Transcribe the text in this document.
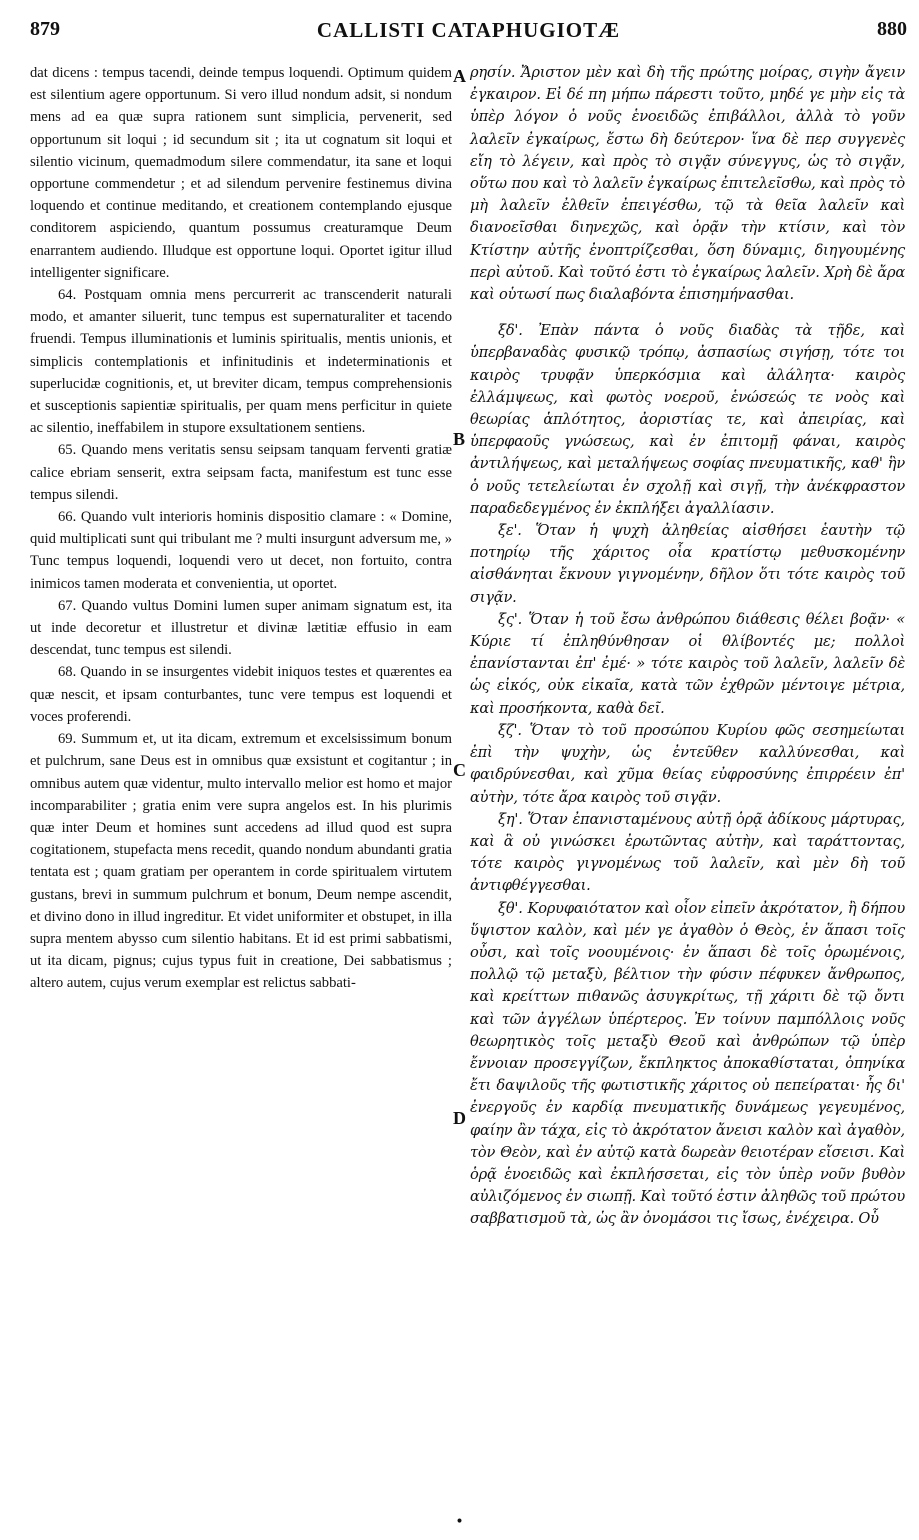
879	CALLISTI CATAPHUGIOTÆ	880
A
B
C
D

dat dicens : tempus tacendi, deinde tempus loquendi. Optimum quidem est silentium agere opportunum. Si vero illud nondum adsit, si nondum mens ad ea quæ supra rationem sunt simplicia, pervenerit, sed opportunum sit loqui ; id secundum sit ; ita ut cognatum sit loqui et silentio vicinum, quemadmodum silere commendatur, ita sane et loqui opportune commendetur ; et ad silendum pervenire festinemus divina loquendo et continue meditando, et creationem contemplando ejusque conditorem aspiciendo, quantum possumus creaturamque Deum enarrantem audiendo. Illudque est opportune loqui. Oportet igitur illud intelligenter significare.

64. Postquam omnia mens percurrerit ac transcenderit naturali modo, et amanter siluerit, tunc tempus est supernaturaliter et tacendo fruendi. Tempus illuminationis et luminis spiritualis, mentis unionis, et simplicis contemplationis et infinitudinis et indeterminationis et superlucidæ cognitionis, et, ut breviter dicam, tempus comprehensionis et susceptionis sapientiæ spiritualis, per quam mens perficitur in quiete ac silentio, ineffabilem in stupore exsultationem sentiens.

65. Quando mens veritatis sensu seipsam tanquam ferventi gratiæ calice ebriam senserit, extra seipsam facta, manifestum est tunc esse tempus silendi.

66. Quando vult interioris hominis dispositio clamare : « Domine, quid multiplicati sunt qui tribulant me ? multi insurgunt adversum me, » Tunc tempus loquendi, loquendi vero ut decet, non fortuito, contra inimicos tamen moderata et convenientia, ut oportet.

67. Quando vultus Domini lumen super animam signatum est, ita ut inde decoretur et illustretur et divinæ lætitiæ effusio in eam descendat, tunc tempus est silendi.

68. Quando in se insurgentes videbit iniquos testes et quærentes ea quæ nescit, et ipsam conturbantes, tunc vere tempus est loquendi et voces proferendi.

69. Summum et, ut ita dicam, extremum et excelsissimum bonum et pulchrum, sane Deus est in omnibus quæ exsistunt et cogitantur ; in omnibus autem quæ videntur, multo intervallo melior est homo et major incomparabiliter ; gratia enim vere supra angelos est. In his plurimis quæ inter Deum et homines sunt accedens ad illud quod est supra cogitationem, stupefacta mens recedit, quando nondum abundanti gratia tentata est ; quam gratiam per operantem in corde spiritualem virtutem gustans, brevi in summum pulchrum et bonum, Deum nempe ascendit, et divino dono in illud ingreditur. Et videt uniformiter et obstupet, in illa supra mentem abysso cum silentio habitans. Et id est primi sabbatismi, ut ita dicam, pignus; cujus typus fuit in creatione, Dei sabbatismus ; altero autem, cujus verum exemplar est relictus sabbati-

ρησίν. Ἄριστον μὲν καὶ δὴ τῆς πρώτης μοίρας, σιγὴν ἄγειν ἐγκαιρον. Εἰ δέ πη μήπω πάρεστι τοῦτο, μηδέ γε μὴν εἰς τὰ ὑπὲρ λόγον ὁ νοῦς ἑνοειδῶς ἐπιβάλλοι, ἀλλὰ τὸ γοῦν λαλεῖν ἐγκαίρως, ἔστω δὴ δεύτερον· ἵνα δὲ περ συγγενὲς εἴη τὸ λέγειν, καὶ πρὸς τὸ σιγᾷν σύνεγγυς, ὡς τὸ σιγᾷν, οὕτω που καὶ τὸ λαλεῖν ἐγκαίρως ἐπιτελεῖσθω, καὶ πρὸς τὸ μὴ λαλεῖν ἐλθεῖν ἐπειγέσθω, τῷ τὰ θεῖα λαλεῖν καὶ διανοεῖσθαι διηνεχῶς, καὶ ὁρᾷν τὴν κτίσιν, καὶ τὸν Κτίστην αὐτῆς ἐνοπτρίζεσθαι, ὅση δύναμις, διηγουμένης περὶ αὐτοῦ. Καὶ τοῦτό ἐστι τὸ ἐγκαίρως λαλεῖν. Χρὴ δὲ ἄρα καὶ οὑτωσί πως διαλαβόντα ἐπισημήνασθαι.

ξδ'. Ἐπὰν πάντα ὁ νοῦς διαδὰς τὰ τῇδε, καὶ ὑπερβαναδὰς φυσικῷ τρόπῳ, ἀσπασίως σιγήσῃ, τότε τοι καιρὸς τρυφᾷν ὑπερκόσμια καὶ ἀλάλητα· καιρὸς ἐλλάμψεως, καὶ φωτὸς νοεροῦ, ἑνώσεώς τε νοὸς καὶ θεωρίας ἁπλότητος, ἀοριστίας τε, καὶ ἀπειρίας, καὶ ὑπερφαοῦς γνώσεως, καὶ ἐν ἐπιτομῇ φάναι, καιρὸς ἀντιλήψεως, καὶ μεταλήψεως σοφίας πνευματικῆς, καθ' ἣν ὁ νοῦς τετελείωται ἐν σχολῇ καὶ σιγῇ, τὴν ἀνέκφραστον παραδεδεγμένος ἐν ἐκπλήξει ἀγαλλίασιν.

ξε'. Ὅταν ἡ ψυχὴ ἀληθείας αἰσθήσει ἑαυτὴν τῷ ποτηρίῳ τῆς χάριτος οἷα κρατίστῳ μεθυσκομένην αἰσθάνηται ἔκνουν γιγνομένην, δῆλον ὅτι τότε καιρὸς τοῦ σιγᾷν.

ξς'. Ὅταν ἡ τοῦ ἔσω ἀνθρώπου διάθεσις θέλει βοᾷν· « Κύριε τί ἐπληθύνθησαν οἱ θλίβοντές με; πολλοὶ ἐπανίστανται ἐπ' ἐμέ· » τότε καιρὸς τοῦ λαλεῖν, λαλεῖν δὲ ὡς εἰκός, οὐκ εἰκαῖα, κατὰ τῶν ἐχθρῶν μέντοιγε μέτρια, καὶ προσήκοντα, καθὰ δεῖ.

ξζ'. Ὅταν τὸ τοῦ προσώπου Κυρίου φῶς σεσημείωται ἐπὶ τὴν ψυχὴν, ὡς ἐντεῦθεν καλλύνεσθαι, καὶ φαιδρύνεσθαι, καὶ χῦμα θείας εὐφροσύνης ἐπιρρέειν ἐπ' αὐτὴν, τότε ἄρα καιρὸς τοῦ σιγᾷν.

ξη'. Ὅταν ἐπανισταμένους αὐτῇ ὁρᾷ ἀδίκους μάρτυρας, καὶ ἃ οὐ γινώσκει ἐρωτῶντας αὐτὴν, καὶ ταράττοντας, τότε καιρὸς γιγνομένως τοῦ λαλεῖν, καὶ μὲν δὴ τοῦ ἀντιφθέγγεσθαι.

ξθ'. Κορυφαιότατον καὶ οἷον εἰπεῖν ἀκρότατον, ἢ δήπου ὕψιστον καλὸν, καὶ μέν γε ἀγαθὸν ὁ Θεὸς, ἐν ἅπασι τοῖς οὖσι, καὶ τοῖς νοουμένοις· ἐν ἅπασι δὲ τοῖς ὁρωμένοις, πολλῷ τῷ μεταξὺ, βέλτιον τὴν φύσιν πέφυκεν ἄνθρωπος, καὶ κρείττων πιθανῶς ἀσυγκρίτως, τῇ χάριτι δὲ τῷ ὄντι καὶ τῶν ἀγγέλων ὑπέρτερος. Ἐν τοίνυν παμπόλλοις νοῦς θεωρητικὸς τοῖς μεταξὺ Θεοῦ καὶ ἀνθρώπων τῷ ὑπὲρ ἔννοιαν προσεγγίζων, ἔκπληκτος ἀποκαθίσταται, ὁπηνίκα ἔτι δαψιλοῦς τῆς φωτιστικῆς χάριτος οὐ πεπείραται· ἧς δι' ἐνεργοῦς ἐν καρδίᾳ πνευματικῆς δυνάμεως γεγευμένος, φαίην ἂν τάχα, εἰς τὸ ἀκρότατον ἄνεισι καλὸν καὶ ἀγαθὸν, τὸν Θεὸν, καὶ ἐν αὐτῷ κατὰ δωρεὰν θειοτέραν εἴσεισι. Καὶ ὁρᾷ ἑνοειδῶς καὶ ἐκπλήσσεται, εἰς τὸν ὑπὲρ νοῦν βυθὸν αὐλιζόμενος ἐν σιωπῇ. Καὶ τοῦτό ἐστιν ἀληθῶς τοῦ πρώτου σαββατισμοῦ τὰ, ὡς ἂν ὀνομάσοι τις ἴσως, ἐνέχειρα. Οὗ

•
